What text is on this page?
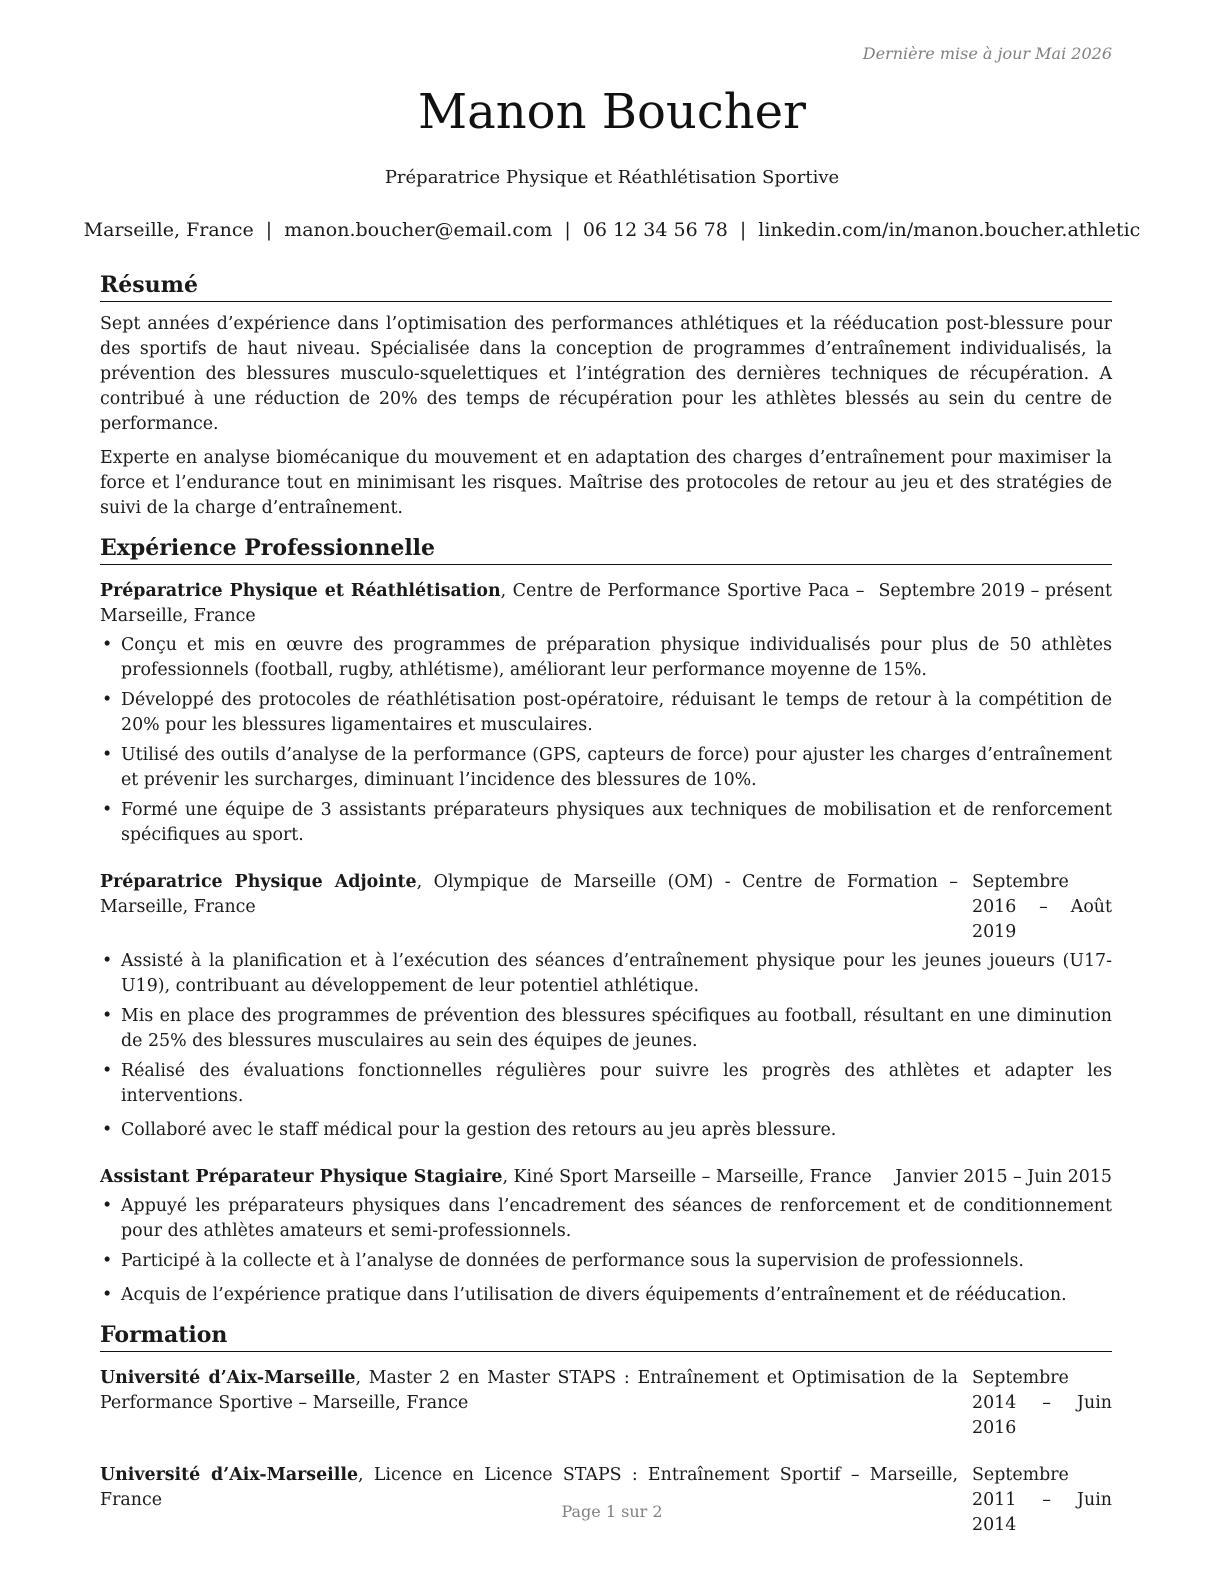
Dernière mise à jour Mai 2026
Manon Boucher
Préparatrice Physique et Réathlétisation Sportive
Marseille, France | manon.boucher@email.com | 06 12 34 56 78 | linkedin.com/in/manon.boucher.athletic
Résumé

Sept années d’expérience dans l’optimisation des performances athlétiques et la rééducation post-blessure pour des sportifs de haut niveau. Spécialisée dans la conception de programmes d’entraînement individualisés, la prévention des blessures musculo-squelettiques et l’intégration des dernières techniques de récupération. A contribué à une réduction de 20% des temps de récupération pour les athlètes blessés au sein du centre de performance.

Experte en analyse biomécanique du mouvement et en adaptation des charges d’entraînement pour maximiser la force et l’endurance tout en minimisant les risques. Maîtrise des protocoles de retour au jeu et des stratégies de suivi de la charge d’entraînement.

Expérience Professionnelle
Préparatrice Physique et Réathlétisation, Centre de Performance Sportive Paca – Marseille, France
Septembre 2019 – présent
• Conçu et mis en œuvre des programmes de préparation physique individualisés pour plus de 50 athlètes professionnels (football, rugby, athlétisme), améliorant leur performance moyenne de 15%.
• Développé des protocoles de réathlétisation post-opératoire, réduisant le temps de retour à la compétition de 20% pour les blessures ligamentaires et musculaires.
• Utilisé des outils d’analyse de la performance (GPS, capteurs de force) pour ajuster les charges d’entraînement et prévenir les surcharges, diminuant l’incidence des blessures de 10%.
• Formé une équipe de 3 assistants préparateurs physiques aux techniques de mobilisation et de renforcement spécifiques au sport.
Préparatrice Physique Adjointe, Olympique de Marseille (OM) - Centre de Formation – Marseille, France
Septembre 2016 – Août 2019
• Assisté à la planification et à l’exécution des séances d’entraînement physique pour les jeunes joueurs (U17-U19), contribuant au développement de leur potentiel athlétique.
• Mis en place des programmes de prévention des blessures spécifiques au football, résultant en une diminution de 25% des blessures musculaires au sein des équipes de jeunes.
• Réalisé des évaluations fonctionnelles régulières pour suivre les progrès des athlètes et adapter les interventions.
• Collaboré avec le staff médical pour la gestion des retours au jeu après blessure.
Assistant Préparateur Physique Stagiaire, Kiné Sport Marseille – Marseille, France	Janvier 2015 – Juin 2015
• Appuyé les préparateurs physiques dans l’encadrement des séances de renforcement et de conditionnement pour des athlètes amateurs et semi-professionnels.
• Participé à la collecte et à l’analyse de données de performance sous la supervision de professionnels.
• Acquis de l’expérience pratique dans l’utilisation de divers équipements d’entraînement et de rééducation.
Formation
Université d’Aix-Marseille, Master 2 en Master STAPS : Entraînement et Optimisation de la Performance Sportive – Marseille, France
Septembre 2014 – Juin 2016
Université d’Aix-Marseille, Licence en Licence STAPS : Entraînement Sportif – Marseille, France
Septembre 2011 – Juin 2014
Page 1 sur 2
